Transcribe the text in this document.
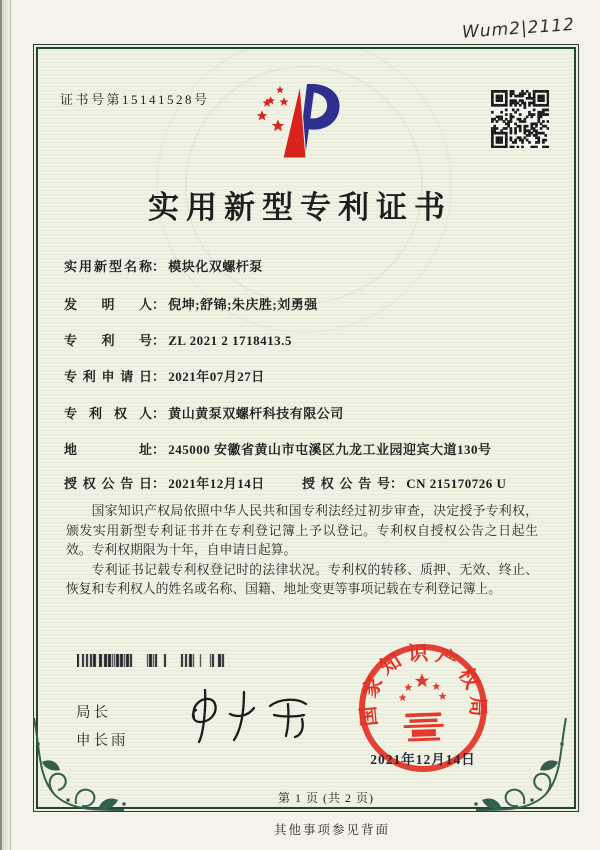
Wum2|2112
证书号第15141528号
实用新型专利证书
实用新型名称： 模块化双螺杆泵
发明人： 倪坤;舒锦;朱庆胜;刘勇强
专利号： ZL 2021 2 1718413.5
专利申请日： 2021年07月27日
专利权人： 黄山黄泵双螺杆科技有限公司
地址： 245000 安徽省黄山市屯溪区九龙工业园迎宾大道130号
授权公告日： 2021年12月14日	授权公告号： CN 215170726 U

国家知识产权局依照中华人民共和国专利法经过初步审查，决定授予专利权，颁发实用新型专利证书并在专利登记簿上予以登记。专利权自授权公告之日起生效。专利权期限为十年，自申请日起算。

专利证书记载专利权登记时的法律状况。专利权的转移、质押、无效、终止、恢复和专利权人的姓名或名称、国籍、地址变更等事项记载在专利登记簿上。

国家知识产权局
2021年12月14日
局长
申长雨
第 1 页 (共 2 页)
其他事项参见背面
